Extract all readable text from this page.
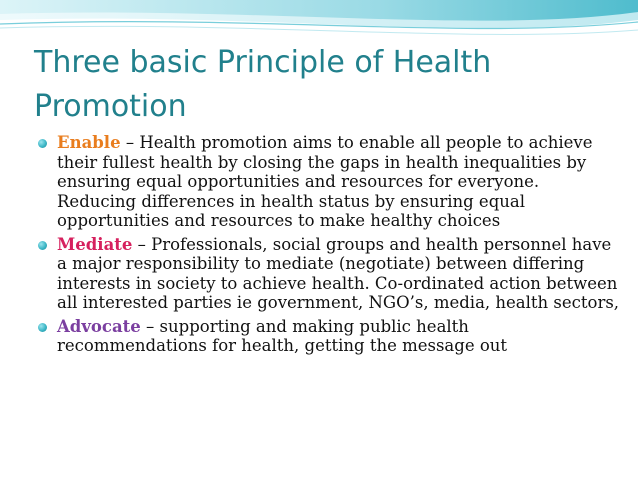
Three basic Principle of Health Promotion
Enable – Health promotion aims to enable all people to achieve their fullest health by closing the gaps in health inequalities by ensuring equal opportunities and resources for everyone. Reducing differences in health status by ensuring equal opportunities and resources to make healthy choices
Mediate – Professionals, social groups and health personnel have a major responsibility to mediate (negotiate) between differing interests in society to achieve health. Co-ordinated action between all interested parties ie government, NGO’s, media, health sectors,
Advocate – supporting and making public health recommendations for health, getting the message out
